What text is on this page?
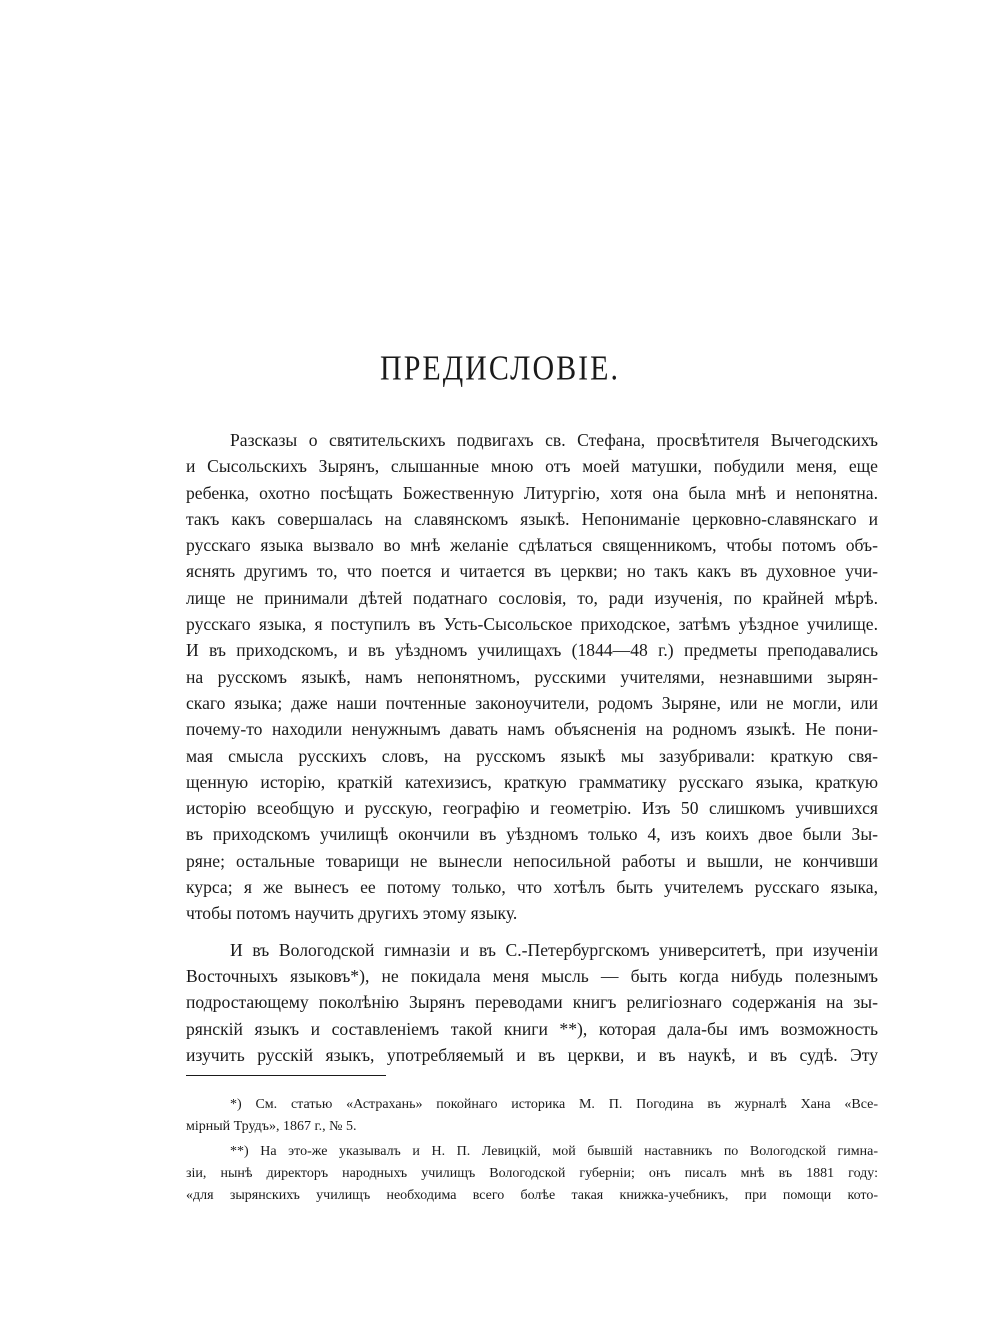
ПРЕДИСЛОВІЕ.
Разсказы о святительскихъ подвигахъ св. Стефана, просвѣтителя Вычегодскихъ
и Сысольскихъ Зырянъ, слышанные мною отъ моей матушки, побудили меня, еще
ребенка, охотно посѣщать Божественную Литургію, хотя она была мнѣ и непонятна.
такъ какъ совершалась на славянскомъ языкѣ. Непониманіе церковно-славянскаго и
русскаго языка вызвало во мнѣ желаніе сдѣлаться священникомъ, чтобы потомъ объ-
яснять другимъ то, что поется и читается въ церкви; но такъ какъ въ духовное учи-
лище не принимали дѣтей податнаго сословія, то, ради изученія, по крайней мѣрѣ.
русскаго языка, я поступилъ въ Усть-Сысольское приходское, затѣмъ уѣздное училище.
И въ приходскомъ, и въ уѣздномъ училищахъ (1844—48 г.) предметы преподавались
на русскомъ языкѣ, намъ непонятномъ, русскими учителями, незнавшими зырян-
скаго языка; даже наши почтенные законоучители, родомъ Зыряне, или не могли, или
почему-то находили ненужнымъ давать намъ объясненія на родномъ языкѣ. Не пони-
мая смысла русскихъ словъ, на русскомъ языкѣ мы зазубривали: краткую свя-
щенную исторію, краткій катехизисъ, краткую грамматику русскаго языка, краткую
исторію всеобщую и русскую, географію и геометрію. Изъ 50 слишкомъ учившихся
въ приходскомъ училищѣ окончили въ уѣздномъ только 4, изъ коихъ двое были Зы-
ряне; остальные товарищи не вынесли непосильной работы и вышли, не кончивши
курса; я же вынесъ ее потому только, что хотѣлъ быть учителемъ русскаго языка,
чтобы потомъ научить другихъ этому языку.
И въ Вологодской гимназіи и въ С.-Петербургскомъ университетѣ, при изученіи
Восточныхъ языковъ*), не покидала меня мысль — быть когда нибудь полезнымъ
подростающему поколѣнію Зырянъ переводами книгъ религіознаго содержанія на зы-
рянскій языкъ и составленіемъ такой книги **), которая дала-бы имъ возможность
изучить русскій языкъ, употребляемый и въ церкви, и въ наукѣ, и въ судѣ. Эту
*) См. статью «Астрахань» покойнаго историка М. П. Погодина въ журналѣ Хана «Все-
мірный Трудъ», 1867 г., № 5.
**) На это-же указывалъ и Н. П. Левицкій, мой бывшій наставникъ по Вологодской гимна-
зіи, нынѣ директоръ народныхъ училищъ Вологодской губерніи; онъ писалъ мнѣ въ 1881 году:
«для зырянскихъ училищъ необходима всего болѣе такая книжка-учебникъ, при помощи кото-
